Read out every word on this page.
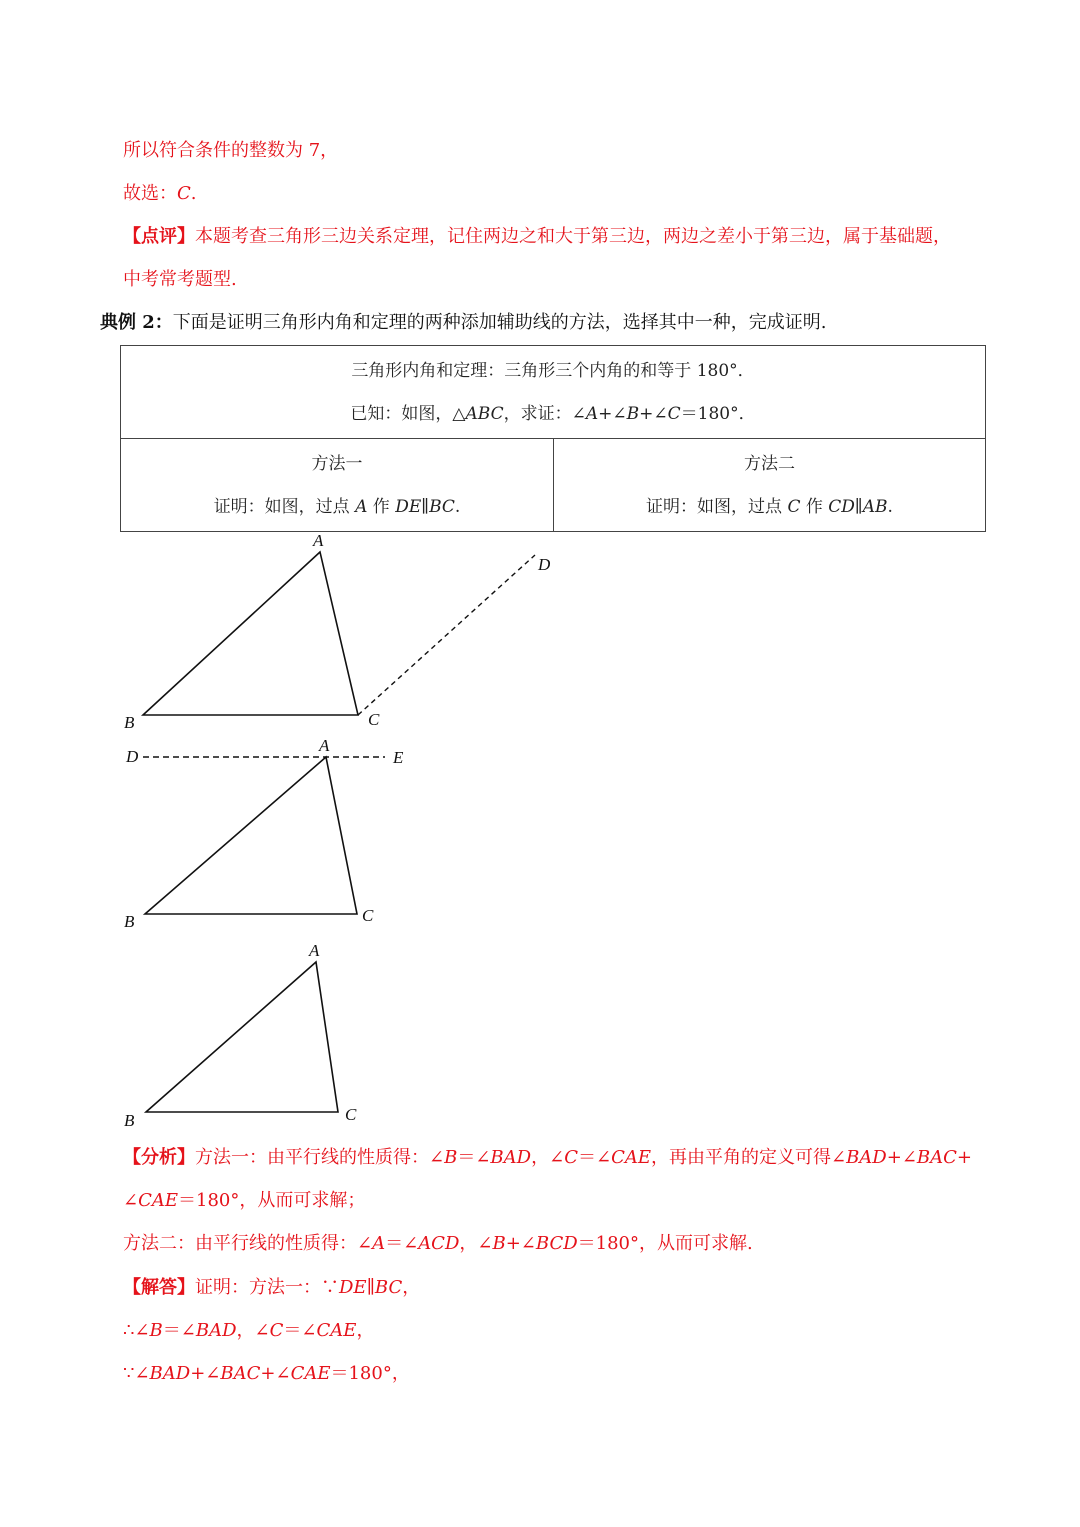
所以符合条件的整数为 7，
故选：C.
【点评】本题考查三角形三边关系定理，记住两边之和大于第三边，两边之差小于第三边，属于基础题，
中考常考题型.
典例 2：下面是证明三角形内角和定理的两种添加辅助线的方法，选择其中一种，完成证明.
三角形内角和定理：三角形三个内角的和等于 180°．
已知：如图，△ABC，求证：∠A+∠B+∠C＝180°．

方法一
证明：如图，过点 A 作 DE∥BC.

方法二
证明：如图，过点 C 作 CD∥AB.
A
B	C
D
D
A
E
B	C
A
B	C
【分析】方法一：由平行线的性质得：∠B＝∠BAD，∠C＝∠CAE，再由平角的定义可得∠BAD+∠BAC+
∠CAE＝180°，从而可求解；
方法二：由平行线的性质得：∠A＝∠ACD，∠B+∠BCD＝180°，从而可求解.
【解答】证明：方法一：∵DE∥BC，
∴∠B＝∠BAD，∠C＝∠CAE，
∵∠BAD+∠BAC+∠CAE＝180°，
